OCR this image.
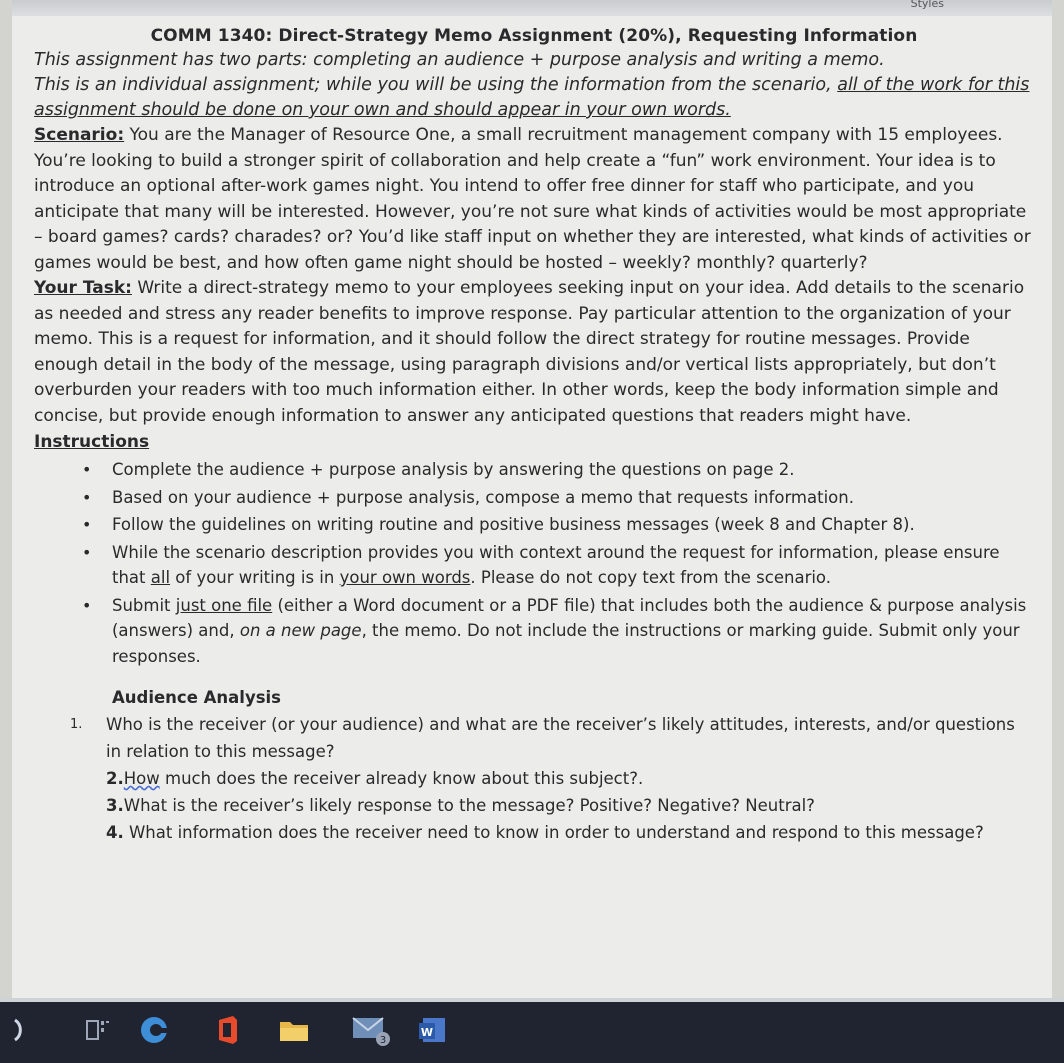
Styles

COMM 1340: Direct-Strategy Memo Assignment (20%), Requesting Information

This assignment has two parts: completing an audience + purpose analysis and writing a memo.

This is an individual assignment; while you will be using the information from the scenario, all of the work for this assignment should be done on your own and should appear in your own words.

Scenario: You are the Manager of Resource One, a small recruitment management company with 15 employees. You’re looking to build a stronger spirit of collaboration and help create a “fun” work environment. Your idea is to introduce an optional after-work games night. You intend to offer free dinner for staff who participate, and you anticipate that many will be interested. However, you’re not sure what kinds of activities would be most appropriate – board games? cards? charades? or? You’d like staff input on whether they are interested, what kinds of activities or games would be best, and how often game night should be hosted – weekly? monthly? quarterly?

Your Task: Write a direct-strategy memo to your employees seeking input on your idea. Add details to the scenario as needed and stress any reader benefits to improve response. Pay particular attention to the organization of your memo. This is a request for information, and it should follow the direct strategy for routine messages. Provide enough detail in the body of the message, using paragraph divisions and/or vertical lists appropriately, but don’t overburden your readers with too much information either. In other words, keep the body information simple and concise, but provide enough information to answer any anticipated questions that readers might have.

Instructions

• Complete the audience + purpose analysis by answering the questions on page 2.
• Based on your audience + purpose analysis, compose a memo that requests information.
• Follow the guidelines on writing routine and positive business messages (week 8 and Chapter 8).
• While the scenario description provides you with context around the request for information, please ensure that all of your writing is in your own words. Please do not copy text from the scenario.
• Submit just one file (either a Word document or a PDF file) that includes both the audience & purpose analysis (answers) and, on a new page, the memo. Do not include the instructions or marking guide. Submit only your responses.

Audience Analysis

1. Who is the receiver (or your audience) and what are the receiver’s likely attitudes, interests, and/or questions in relation to this message?

2.How much does the receiver already know about this subject?.

3.What is the receiver’s likely response to the message? Positive? Negative? Neutral?

4. What information does the receiver need to know in order to understand and respond to this message?

3
W
